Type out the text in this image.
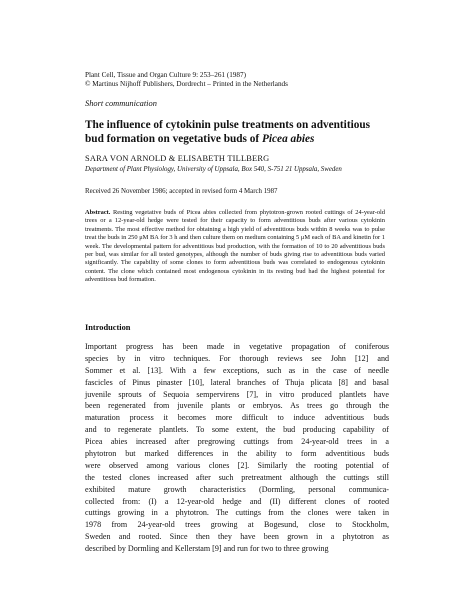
Plant Cell, Tissue and Organ Culture 9: 253–261 (1987)
© Martinus Nijhoff Publishers, Dordrecht – Printed in the Netherlands
Short communication
The influence of cytokinin pulse treatments on adventitious bud formation on vegetative buds of Picea abies
SARA VON ARNOLD & ELISABETH TILLBERG
Department of Plant Physiology, University of Uppsala, Box 540, S-751 21 Uppsala, Sweden
Received 26 November 1986; accepted in revised form 4 March 1987

Abstract. Resting vegetative buds of Picea abies collected from phytotron-grown rooted cuttings of 24-year-old trees or a 12-year-old hedge were tested for their capacity to form adventitious buds after various cytokinin treatments. The most effective method for obtaining a high yield of adventitious buds within 8 weeks was to pulse treat the buds in 250 μM BA for 3 h and then culture them on medium containing 5 μM each of BA and kinetin for 1 week. The developmental pattern for adventitious bud production, with the formation of 10 to 20 adventitious buds per bud, was similar for all tested genotypes, although the number of buds giving rise to adventitious buds varied significantly. The capability of some clones to form adventitious buds was correlated to endogenous cytokinin content. The clone which contained most endogenous cytokinin in its resting bud had the highest potential for adventitious bud formation.

Introduction
Important progress has been made in vegetative propagation of coniferous
species by in vitro techniques. For thorough reviews see John [12] and
Sommer et al. [13]. With a few exceptions, such as in the case of needle
fascicles of Pinus pinaster [10], lateral branches of Thuja plicata [8] and basal
juvenile sprouts of Sequoia sempervirens [7], in vitro produced plantlets have
been regenerated from juvenile plants or embryos. As trees go through the
maturation process it becomes more difficult to induce adventitious buds
and to regenerate plantlets. To some extent, the bud producing capability of
Picea abies increased after pregrowing cuttings from 24-year-old trees in a
phytotron but marked differences in the ability to form adventitious buds
were observed among various clones [2]. Similarly the rooting potential of
the tested clones increased after such pretreatment although the cuttings still
exhibited mature growth characteristics (Dormling, personal communica-
collected from: (I) a 12-year-old hedge and (II) different clones of rooted
cuttings growing in a phytotron. The cuttings from the clones were taken in
1978 from 24-year-old trees growing at Bogesund, close to Stockholm,
Sweden and rooted. Since then they have been grown in a phytotron as
described by Dormling and Kellerstam [9] and run for two to three growing
